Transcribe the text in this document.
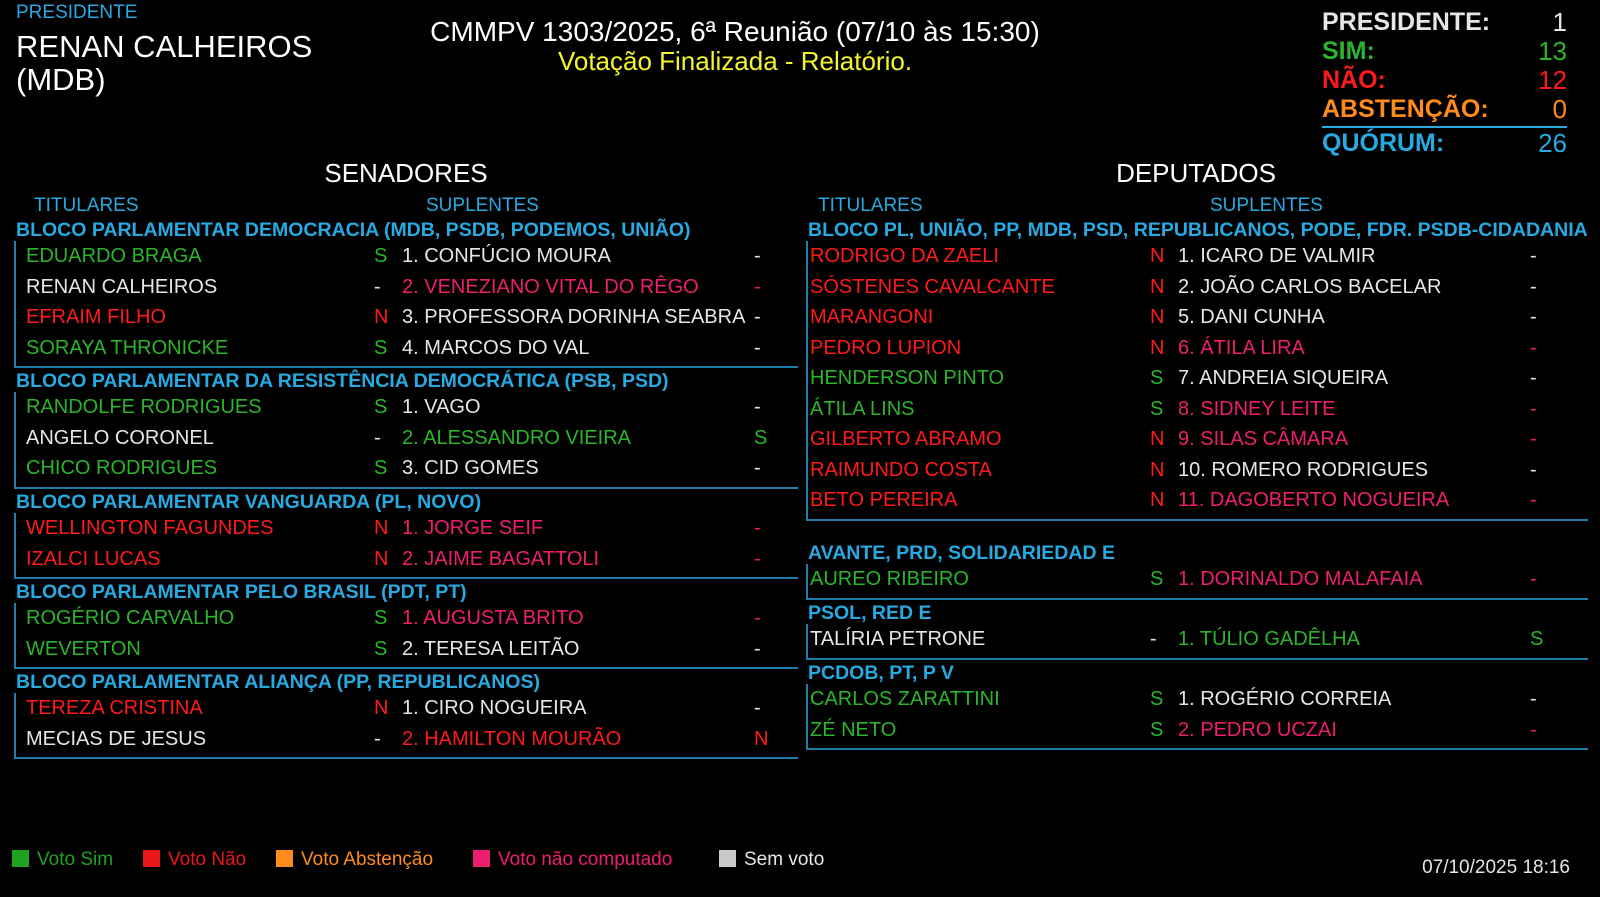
PRESIDENTE
RENAN CALHEIROS
(MDB)
CMMPV 1303/2025, 6ª Reunião (07/10 às 15:30)
Votação Finalizada - Relatório.
PRESIDENTE: 1
SIM:	13
NÃO:	12
ABSTENÇÃO: 0
QUÓRUM:	26
SENADORES
TITULARES	SUPLENTES
BLOCO PARLAMENTAR DEMOCRACIA (MDB, PSDB, PODEMOS, UNIÃO)
EDUARDO BRAGA	S 1. CONFÚCIO MOURA	-
RENAN CALHEIROS	- 2. VENEZIANO VITAL DO RÊGO	-
EFRAIM FILHO	N 3. PROFESSORA DORINHA SEABRA -
SORAYA THRONICKE	S 4. MARCOS DO VAL	-
BLOCO PARLAMENTAR DA RESISTÊNCIA DEMOCRÁTICA (PSB, PSD)
RANDOLFE RODRIGUES	S 1. VAGO	-
ANGELO CORONEL	- 2. ALESSANDRO VIEIRA	S
CHICO RODRIGUES	S 3. CID GOMES	-
BLOCO PARLAMENTAR VANGUARDA (PL, NOVO)
WELLINGTON FAGUNDES	N 1. JORGE SEIF	-
IZALCI LUCAS	N 2. JAIME BAGATTOLI	-
BLOCO PARLAMENTAR PELO BRASIL (PDT, PT)
ROGÉRIO CARVALHO	S 1. AUGUSTA BRITO	-
WEVERTON	S 2. TERESA LEITÃO	-
BLOCO PARLAMENTAR ALIANÇA (PP, REPUBLICANOS)
TEREZA CRISTINA	N 1. CIRO NOGUEIRA	-
MECIAS DE JESUS	- 2. HAMILTON MOURÃO	N
DEPUTADOS
TITULARES	SUPLENTES
BLOCO PL, UNIÃO, PP, MDB, PSD, REPUBLICANOS, PODE, FDR. PSDB-CIDADANIA
RODRIGO DA ZAELI	N 1. ICARO DE VALMIR	-
SÓSTENES CAVALCANTE	N 2. JOÃO CARLOS BACELAR	-
MARANGONI	N 5. DANI CUNHA	-
PEDRO LUPION	N 6. ÁTILA LIRA	-
HENDERSON PINTO	S 7. ANDREIA SIQUEIRA	-
ÁTILA LINS	S 8. SIDNEY LEITE	-
GILBERTO ABRAMO	N 9. SILAS CÂMARA	-
RAIMUNDO COSTA	N 10. ROMERO RODRIGUES	-
BETO PEREIRA	N 11. DAGOBERTO NOGUEIRA	-
AVANTE, PRD, SOLIDARIEDAD E
AUREO RIBEIRO	S 1. DORINALDO MALAFAIA	-
PSOL, RED E
TALÍRIA PETRONE	- 1. TÚLIO GADÊLHA	S
PCDOB, PT, P V
CARLOS ZARATTINI	S 1. ROGÉRIO CORREIA	-
ZÉ NETO	S 2. PEDRO UCZAI	-
Voto Sim	Voto Não	Voto Abstenção	Voto não computado	Sem voto	07/10/2025 18:16
